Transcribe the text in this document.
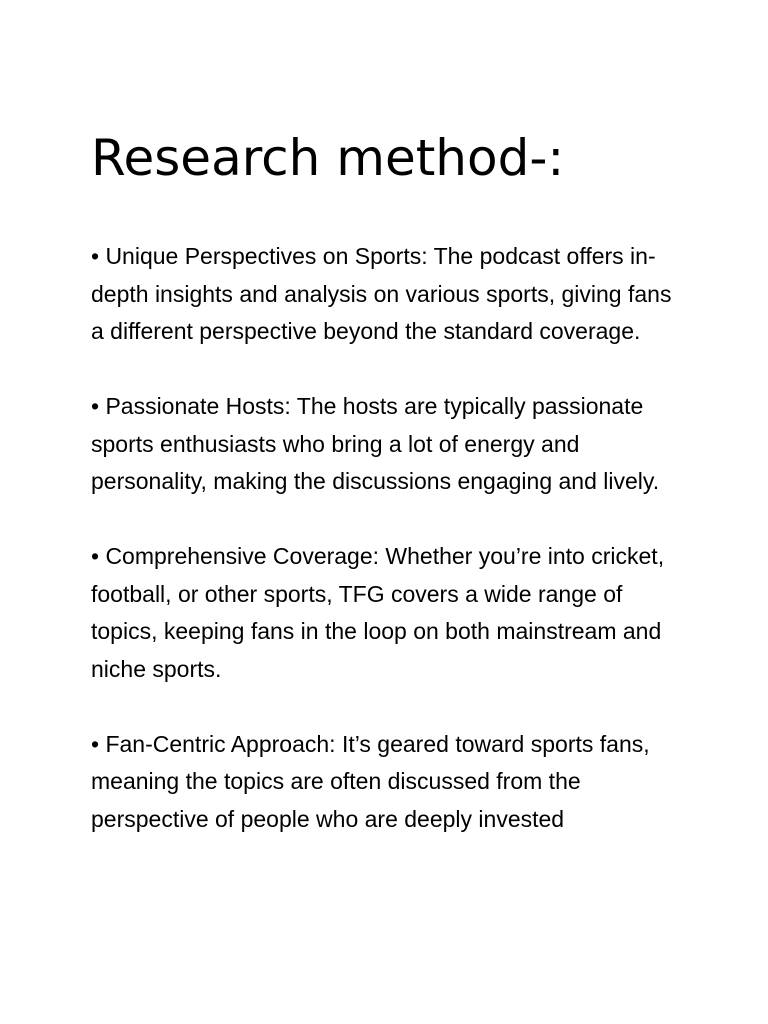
Research method-:

• Unique Perspectives on Sports: The podcast offers in-depth insights and analysis on various sports, giving fans a different perspective beyond the standard coverage.

• Passionate Hosts: The hosts are typically passionate sports enthusiasts who bring a lot of energy and personality, making the discussions engaging and lively.

• Comprehensive Coverage: Whether you’re into cricket, football, or other sports, TFG covers a wide range of topics, keeping fans in the loop on both mainstream and niche sports.

• Fan-Centric Approach: It’s geared toward sports fans, meaning the topics are often discussed from the perspective of people who are deeply invested
